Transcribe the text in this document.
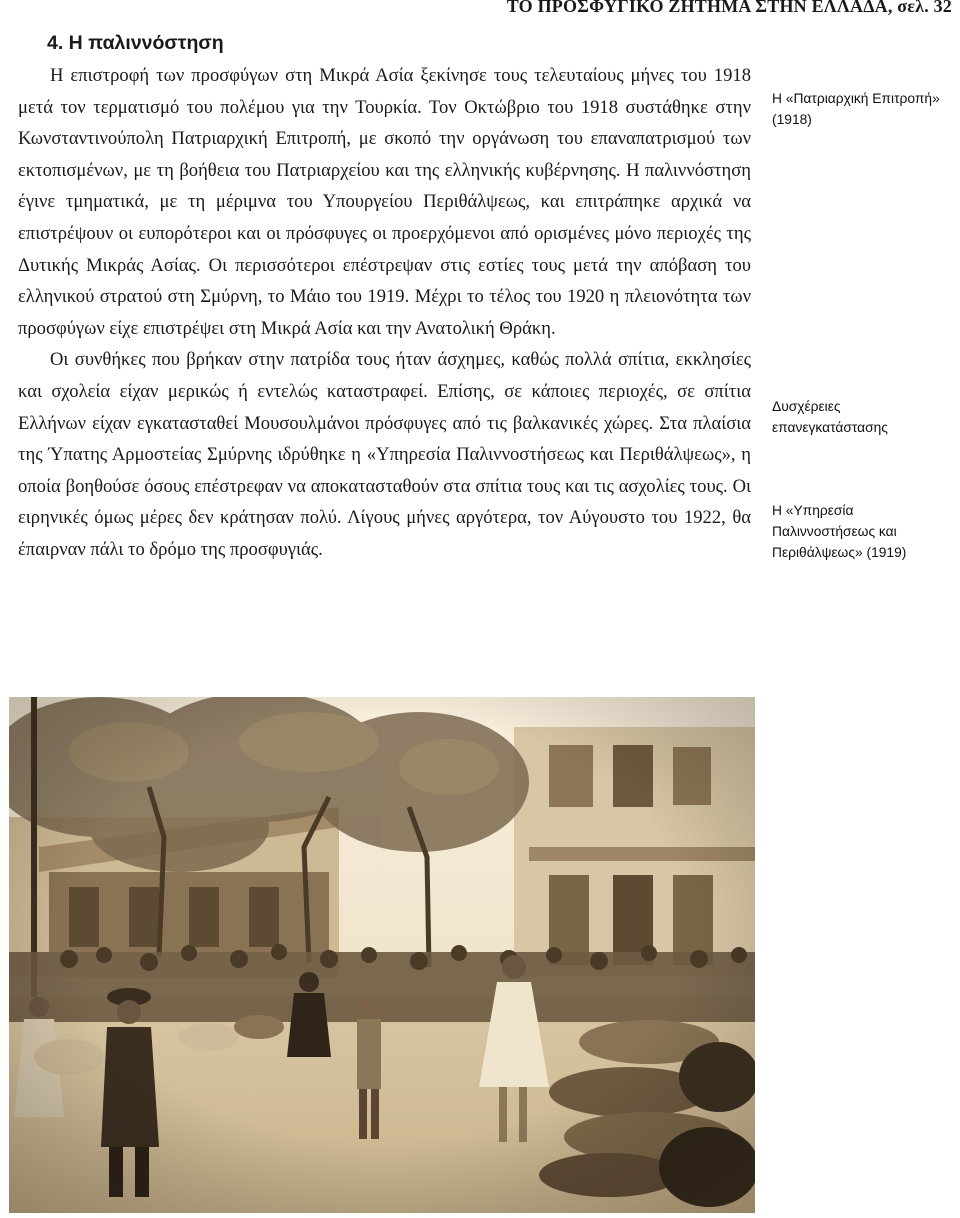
ΤΟ ΠΡΟΣΦΥΓΙΚΟ ΖΗΤΗΜΑ ΣΤΗΝ ΕΛΛΑΔΑ, σελ. 32
4. Η παλιννόστηση

Η επιστροφή των προσφύγων στη Μικρά Ασία ξεκίνησε τους τελευταίους μήνες του 1918 μετά τον τερματισμό του πολέμου για την Τουρκία. Τον Οκτώβριο του 1918 συστάθηκε στην Κωνσταντινούπολη Πατριαρχική Επιτροπή, με σκοπό την οργάνωση του επαναπατρισμού των εκτοπισμένων, με τη βοήθεια του Πατριαρχείου και της ελληνικής κυβέρνησης. Η παλιννόστηση έγινε τμηματικά, με τη μέριμνα του Υπουργείου Περιθάλψεως, και επιτράπηκε αρχικά να επιστρέψουν οι ευπορότεροι και οι πρόσφυγες οι προερχόμενοι από ορισμένες μόνο περιοχές της Δυτικής Μικράς Ασίας. Οι περισσότεροι επέστρεψαν στις εστίες τους μετά την απόβαση του ελληνικού στρατού στη Σμύρνη, το Μάιο του 1919. Μέχρι το τέλος του 1920 η πλειονότητα των προσφύγων είχε επιστρέψει στη Μικρά Ασία και την Ανατολική Θράκη.

Οι συνθήκες που βρήκαν στην πατρίδα τους ήταν άσχημες, καθώς πολλά σπίτια, εκκλησίες και σχολεία είχαν μερικώς ή εντελώς καταστραφεί. Επίσης, σε κάποιες περιοχές, σε σπίτια Ελλήνων είχαν εγκατασταθεί Μουσουλμάνοι πρόσφυγες από τις βαλκανικές χώρες. Στα πλαίσια της Ύπατης Αρμοστείας Σμύρνης ιδρύθηκε η «Υπηρεσία Παλιννοστήσεως και Περιθάλψεως», η οποία βοηθούσε όσους επέστρεφαν να αποκατασταθούν στα σπίτια τους και τις ασχολίες τους. Οι ειρηνικές όμως μέρες δεν κράτησαν πολύ. Λίγους μήνες αργότερα, τον Αύγουστο του 1922, θα έπαιρναν πάλι το δρόμο της προσφυγιάς.

Η «Πατριαρχική Επιτροπή» (1918)
Δυσχέρειες επανεγκατάστασης
Η «Υπηρεσία Παλιννοστήσεως και Περιθάλψεως» (1919)
